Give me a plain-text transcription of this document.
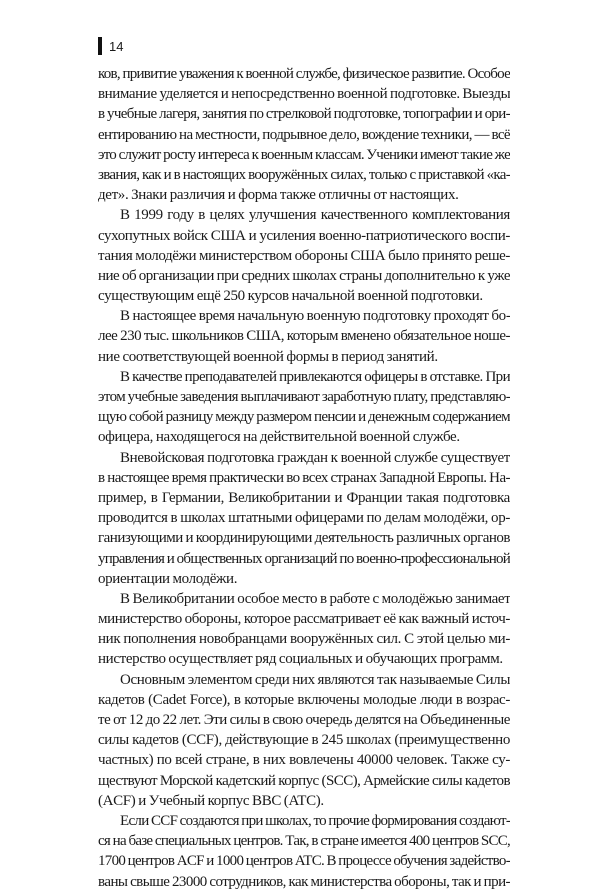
14
ков, привитие уважения к военной службе, физическое развитие. Особое
внимание уделяется и непосредственно военной подготовке. Выезды
в учебные лагеря, занятия по стрелковой подготовке, топографии и ори-
ентированию на местности, подрывное дело, вождение техники, — всё
это служит росту интереса к военным классам. Ученики имеют такие же
звания, как и в настоящих вооружённых силах, только с приставкой «ка-
дет». Знаки различия и форма также отличны от настоящих.
В 1999 году в целях улучшения качественного комплектования
сухопутных войск США и усиления военно-патриотического воспи-
тания молодёжи министерством обороны США было принято реше-
ние об организации при средних школах страны дополнительно к уже
существующим ещё 250 курсов начальной военной подготовки.
В настоящее время начальную военную подготовку проходят бо-
лее 230 тыс. школьников США, которым вменено обязательное ноше-
ние соответствующей военной формы в период занятий.
В качестве преподавателей привлекаются офицеры в отставке. При
этом учебные заведения выплачивают заработную плату, представляю-
щую собой разницу между размером пенсии и денежным содержанием
офицера, находящегося на действительной военной службе.
Вневойсковая подготовка граждан к военной службе существует
в настоящее время практически во всех странах Западной Европы. На-
пример, в Германии, Великобритании и Франции такая подготовка
проводится в школах штатными офицерами по делам молодёжи, ор-
ганизующими и координирующими деятельность различных органов
управления и общественных организаций по военно-профессиональной
ориентации молодёжи.
В Великобритании особое место в работе с молодёжью занимает
министерство обороны, которое рассматривает её как важный источ-
ник пополнения новобранцами вооружённых сил. С этой целью ми-
нистерство осуществляет ряд социальных и обучающих программ.
Основным элементом среди них являются так называемые Силы
кадетов (Cadet Force), в которые включены молодые люди в возрас-
те от 12 до 22 лет. Эти силы в свою очередь делятся на Объединенные
силы кадетов (CCF), действующие в 245 школах (преимущественно
частных) по всей стране, в них вовлечены 40000 человек. Также су-
ществуют Морской кадетский корпус (SCC), Армейские силы кадетов
(ACF) и Учебный корпус ВВС (ATC).
Если CCF создаются при школах, то прочие формирования создают-
ся на базе специальных центров. Так, в стране имеется 400 центров SCC,
1700 центров ACF и 1000 центров ATC. В процессе обучения задейство-
ваны свыше 23000 сотрудников, как министерства обороны, так и при-
